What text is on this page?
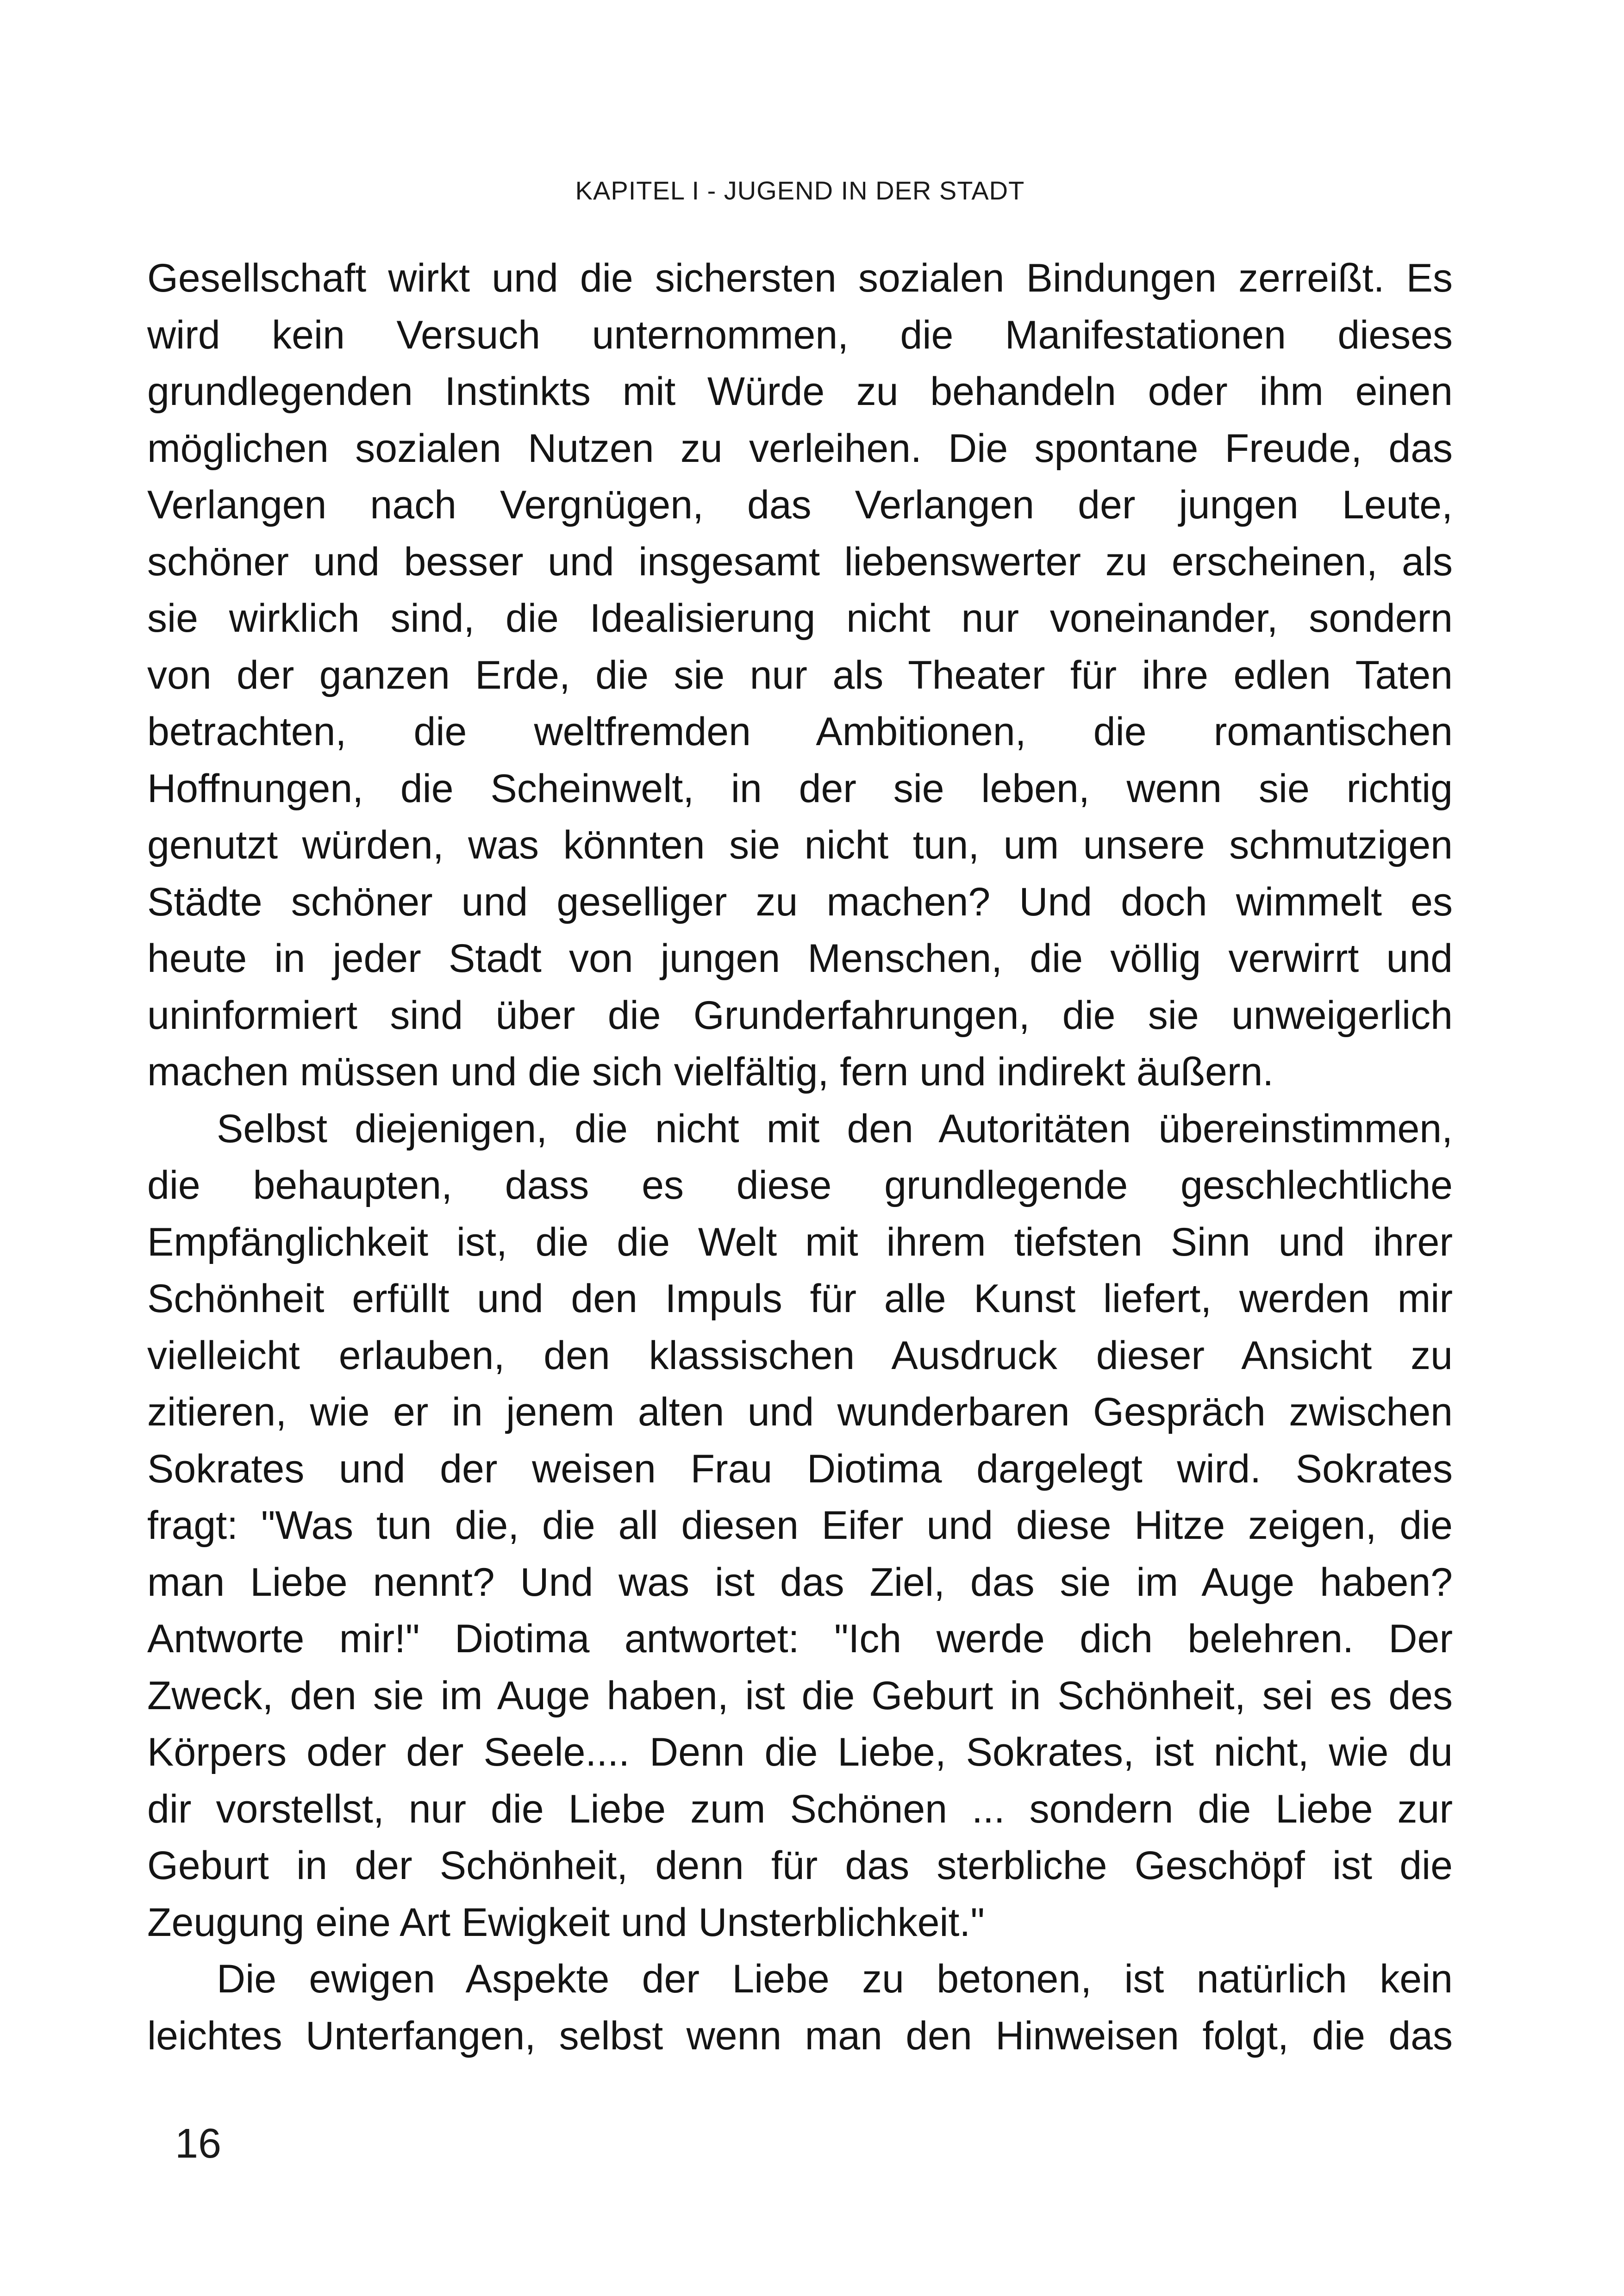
KAPITEL I - JUGEND IN DER STADT
Gesellschaft wirkt und die sichersten sozialen Bindungen zerreißt. Es
wird kein Versuch unternommen, die Manifestationen dieses
grundlegenden Instinkts mit Würde zu behandeln oder ihm einen
möglichen sozialen Nutzen zu verleihen. Die spontane Freude, das
Verlangen nach Vergnügen, das Verlangen der jungen Leute,
schöner und besser und insgesamt liebenswerter zu erscheinen, als
sie wirklich sind, die Idealisierung nicht nur voneinander, sondern
von der ganzen Erde, die sie nur als Theater für ihre edlen Taten
betrachten, die weltfremden Ambitionen, die romantischen
Hoffnungen, die Scheinwelt, in der sie leben, wenn sie richtig
genutzt würden, was könnten sie nicht tun, um unsere schmutzigen
Städte schöner und geselliger zu machen? Und doch wimmelt es
heute in jeder Stadt von jungen Menschen, die völlig verwirrt und
uninformiert sind über die Grunderfahrungen, die sie unweigerlich
machen müssen und die sich vielfältig, fern und indirekt äußern.
Selbst diejenigen, die nicht mit den Autoritäten übereinstimmen,
die behaupten, dass es diese grundlegende geschlechtliche
Empfänglichkeit ist, die die Welt mit ihrem tiefsten Sinn und ihrer
Schönheit erfüllt und den Impuls für alle Kunst liefert, werden mir
vielleicht erlauben, den klassischen Ausdruck dieser Ansicht zu
zitieren, wie er in jenem alten und wunderbaren Gespräch zwischen
Sokrates und der weisen Frau Diotima dargelegt wird. Sokrates
fragt: "Was tun die, die all diesen Eifer und diese Hitze zeigen, die
man Liebe nennt? Und was ist das Ziel, das sie im Auge haben?
Antworte mir!" Diotima antwortet: "Ich werde dich belehren. Der
Zweck, den sie im Auge haben, ist die Geburt in Schönheit, sei es des
Körpers oder der Seele.... Denn die Liebe, Sokrates, ist nicht, wie du
dir vorstellst, nur die Liebe zum Schönen ... sondern die Liebe zur
Geburt in der Schönheit, denn für das sterbliche Geschöpf ist die
Zeugung eine Art Ewigkeit und Unsterblichkeit."
Die ewigen Aspekte der Liebe zu betonen, ist natürlich kein
leichtes Unterfangen, selbst wenn man den Hinweisen folgt, die das
16
